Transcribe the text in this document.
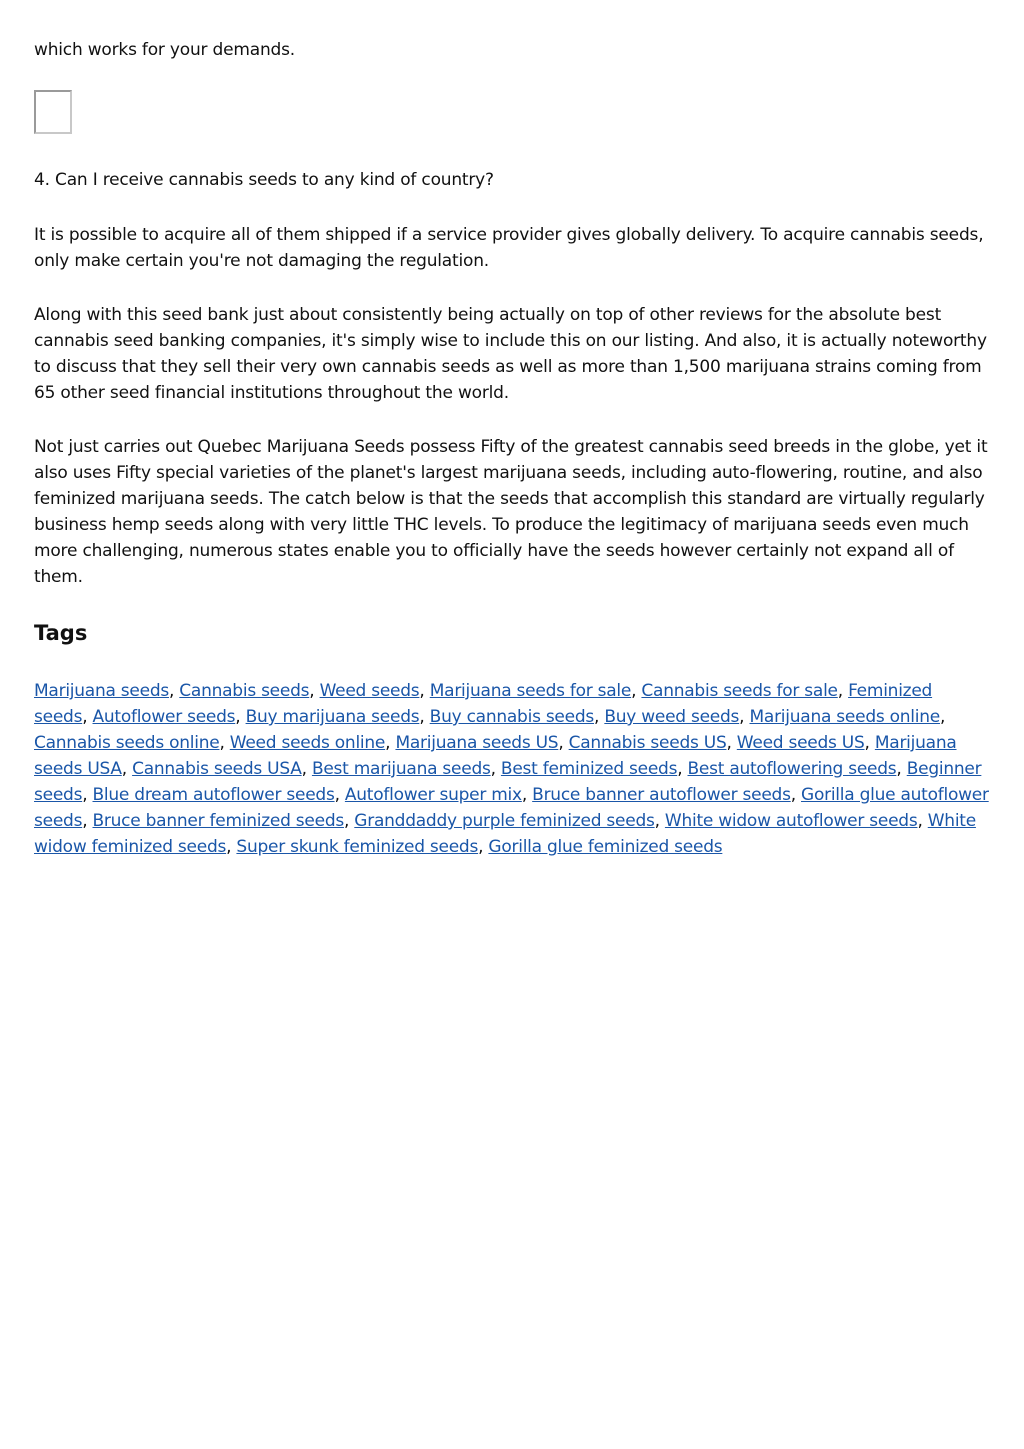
which works for your demands.

4. Can I receive cannabis seeds to any kind of country?

It is possible to acquire all of them shipped if a service provider gives globally delivery. To acquire cannabis seeds, only make certain you're not damaging the regulation.

Along with this seed bank just about consistently being actually on top of other reviews for the absolute best cannabis seed banking companies, it's simply wise to include this on our listing. And also, it is actually noteworthy to discuss that they sell their very own cannabis seeds as well as more than 1,500 marijuana strains coming from 65 other seed financial institutions throughout the world.

Not just carries out Quebec Marijuana Seeds possess Fifty of the greatest cannabis seed breeds in the globe, yet it also uses Fifty special varieties of the planet's largest marijuana seeds, including auto-flowering, routine, and also feminized marijuana seeds. The catch below is that the seeds that accomplish this standard are virtually regularly business hemp seeds along with very little THC levels. To produce the legitimacy of marijuana seeds even much more challenging, numerous states enable you to officially have the seeds however certainly not expand all of them.

Tags
Marijuana seeds, Cannabis seeds, Weed seeds, Marijuana seeds for sale, Cannabis seeds for sale, Feminized seeds, Autoflower seeds, Buy marijuana seeds, Buy cannabis seeds, Buy weed seeds, Marijuana seeds online, Cannabis seeds online, Weed seeds online, Marijuana seeds US, Cannabis seeds US, Weed seeds US, Marijuana seeds USA, Cannabis seeds USA, Best marijuana seeds, Best feminized seeds, Best autoflowering seeds, Beginner seeds, Blue dream autoflower seeds, Autoflower super mix, Bruce banner autoflower seeds, Gorilla glue autoflower seeds, Bruce banner feminized seeds, Granddaddy purple feminized seeds, White widow autoflower seeds, White widow feminized seeds, Super skunk feminized seeds, Gorilla glue feminized seeds
